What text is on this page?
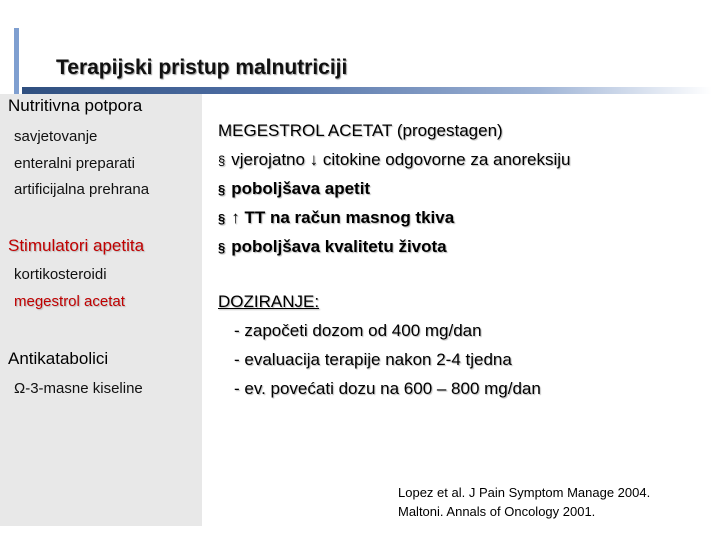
Terapijski pristup malnutriciji
Nutritivna potpora
savjetovanje
enteralni preparati
artificijalna prehrana
Stimulatori apetita
kortikosteroidi
megestrol acetat
Antikatabolici
Ω-3-masne kiseline
MEGESTROL ACETAT (progestagen)
§ vjerojatno ↓ citokine odgovorne za anoreksiju
§ poboljšava apetit
§ ↑ TT na račun masnog tkiva
§ poboljšava kvalitetu života
DOZIRANJE:
- započeti dozom od 400 mg/dan
- evaluacija terapije nakon 2-4 tjedna
- ev. povećati dozu na 600 – 800 mg/dan
Lopez et al. J Pain Symptom Manage 2004.
Maltoni. Annals of Oncology 2001.
